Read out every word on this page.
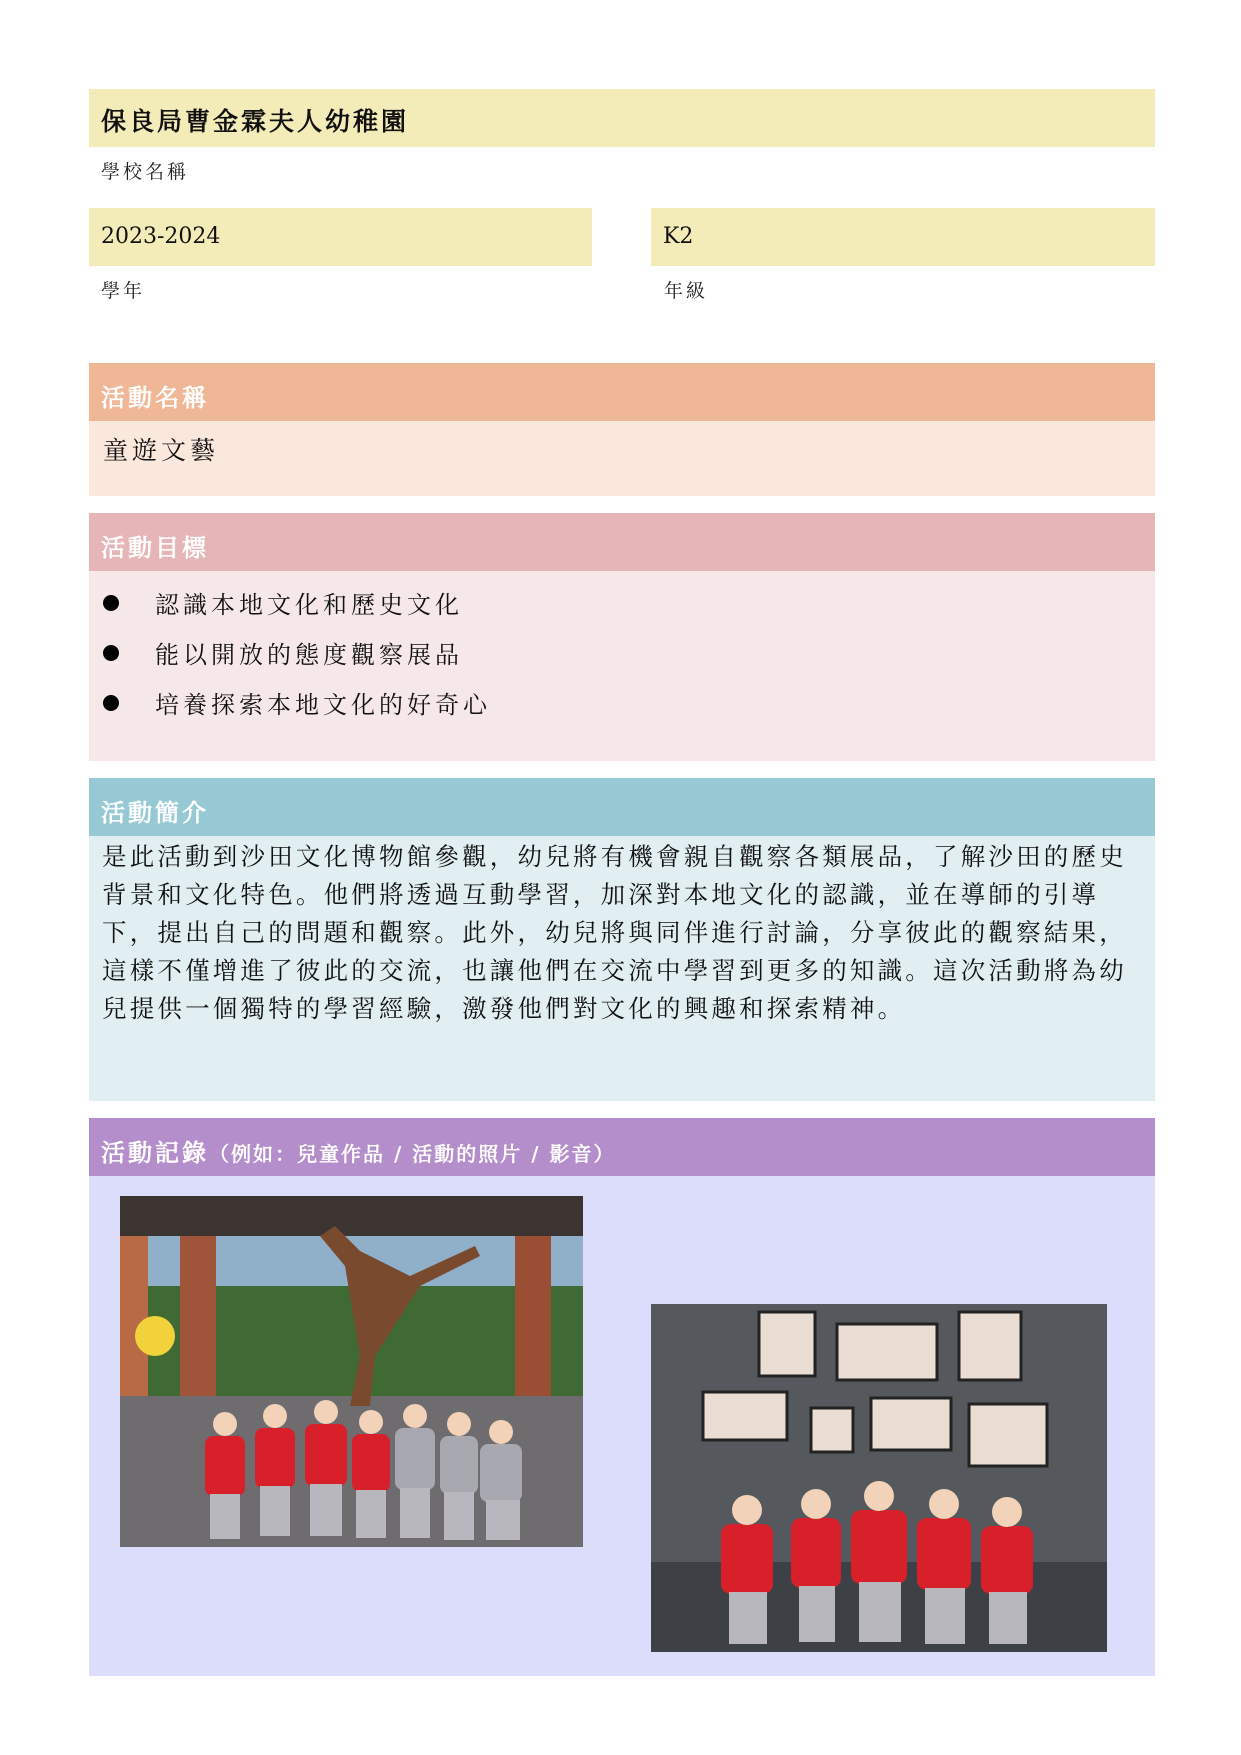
保良局曹金霖夫人幼稚園
學校名稱
2023-2024
學年
K2
年級
活動名稱
童遊文藝
活動目標
認識本地文化和歷史文化
能以開放的態度觀察展品
培養探索本地文化的好奇心
活動簡介

是此活動到沙田文化博物館參觀，幼兒將有機會親自觀察各類展品，了解沙田的歷史背景和文化特色。他們將透過互動學習，加深對本地文化的認識，並在導師的引導下，提出自己的問題和觀察。此外，幼兒將與同伴進行討論，分享彼此的觀察結果，這樣不僅增進了彼此的交流，也讓他們在交流中學習到更多的知識。這次活動將為幼兒提供一個獨特的學習經驗，激發他們對文化的興趣和探索精神。

活動記錄（例如：兒童作品 / 活動的照片 / 影音）
